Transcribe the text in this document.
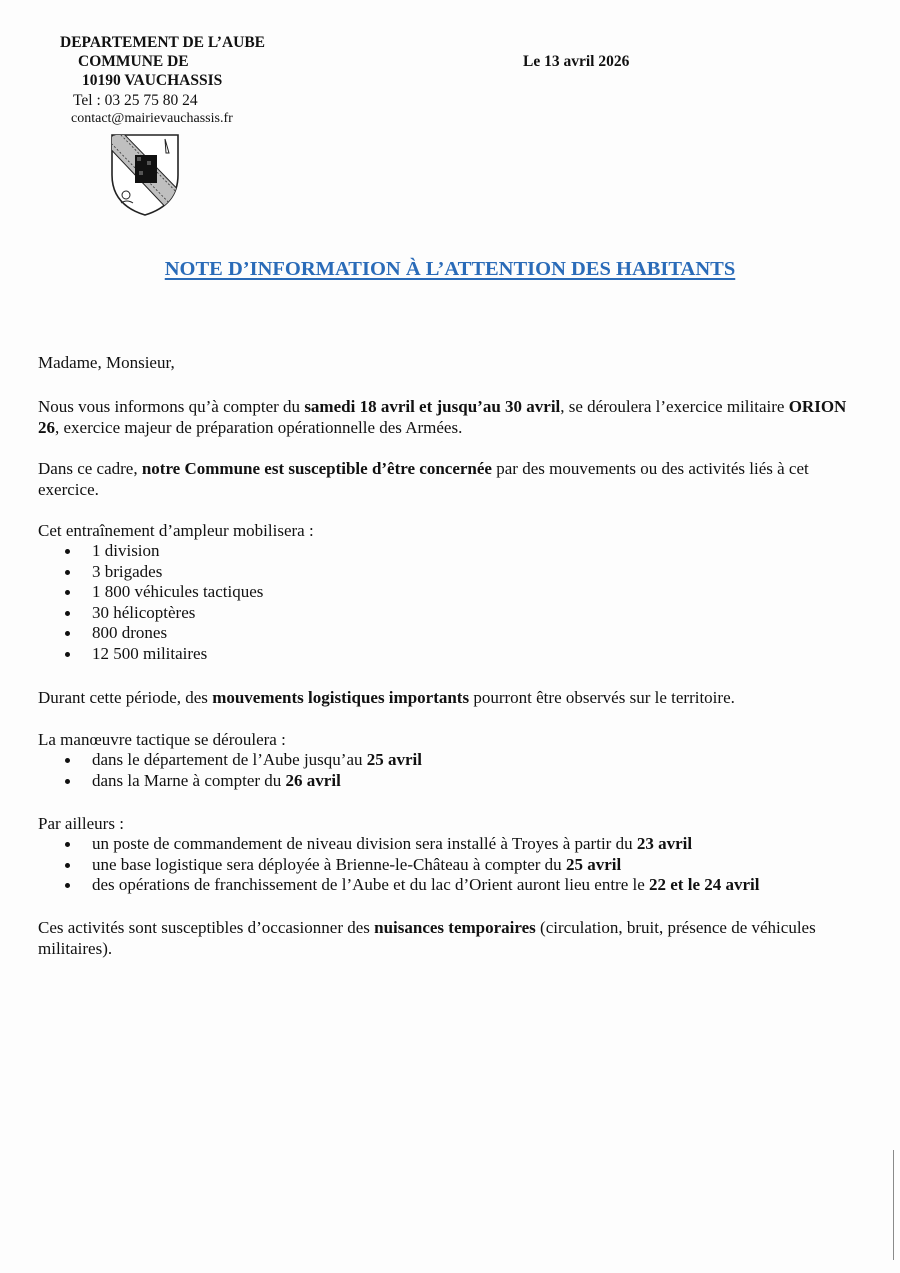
DEPARTEMENT DE L’AUBE
COMMUNE DE
10190 VAUCHASSIS
Tel : 03 25 75 80 24
contact@mairievauchassis.fr
Le 13 avril 2026
NOTE D’INFORMATION À L’ATTENTION DES HABITANTS

Madame, Monsieur,

Nous vous informons qu’à compter du samedi 18 avril et jusqu’au 30 avril, se déroulera l’exercice militaire ORION 26, exercice majeur de préparation opérationnelle des Armées.

Dans ce cadre, notre Commune est susceptible d’être concernée par des mouvements ou des activités liés à cet exercice.

Cet entraînement d’ampleur mobilisera :

1 division
3 brigades
1 800 véhicules tactiques
30 hélicoptères
800 drones
12 500 militaires

Durant cette période, des mouvements logistiques importants pourront être observés sur le territoire.

La manœuvre tactique se déroulera :

dans le département de l’Aube jusqu’au 25 avril
dans la Marne à compter du 26 avril

Par ailleurs :

un poste de commandement de niveau division sera installé à Troyes à partir du 23 avril
une base logistique sera déployée à Brienne-le-Château à compter du 25 avril
des opérations de franchissement de l’Aube et du lac d’Orient auront lieu entre le 22 et le 24 avril

Ces activités sont susceptibles d’occasionner des nuisances temporaires (circulation, bruit, présence de véhicules militaires).
